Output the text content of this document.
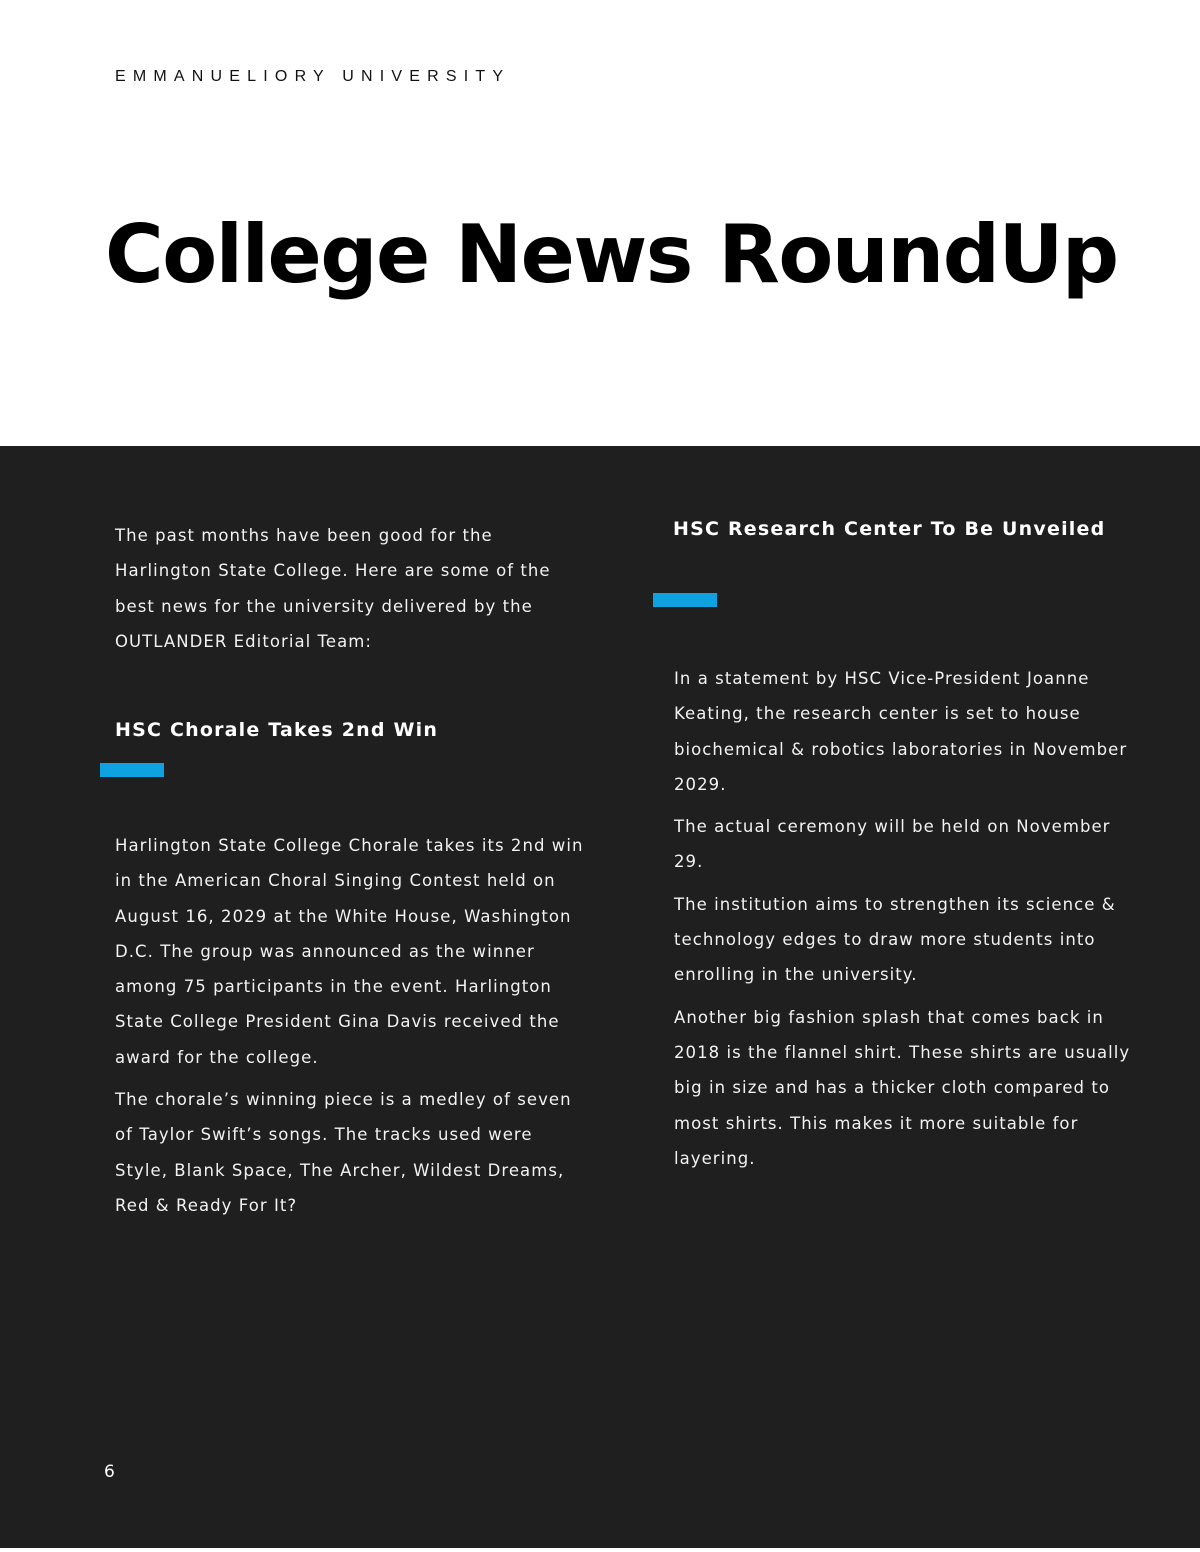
EMMANUELIORY UNIVERSITY
College News RoundUp

The past months have been good for the Harlington State College. Here are some of the best news for the university delivered by the OUTLANDER Editorial Team:

HSC Chorale Takes 2nd Win

Harlington State College Chorale takes its 2nd win in the American Choral Singing Contest held on August 16, 2029 at the White House, Washington D.C. The group was announced as the winner among 75 participants in the event. Harlington State College President Gina Davis received the award for the college.

The chorale’s winning piece is a medley of seven of Taylor Swift’s songs. The tracks used were Style, Blank Space, The Archer, Wildest Dreams, Red & Ready For It?

HSC Research Center To Be Unveiled

In a statement by HSC Vice-President Joanne Keating, the research center is set to house biochemical & robotics laboratories in November 2029.

The actual ceremony will be held on November 29.

The institution aims to strengthen its science & technology edges to draw more students into enrolling in the university.

Another big fashion splash that comes back in 2018 is the flannel shirt. These shirts are usually big in size and has a thicker cloth compared to most shirts. This makes it more suitable for layering.

6
